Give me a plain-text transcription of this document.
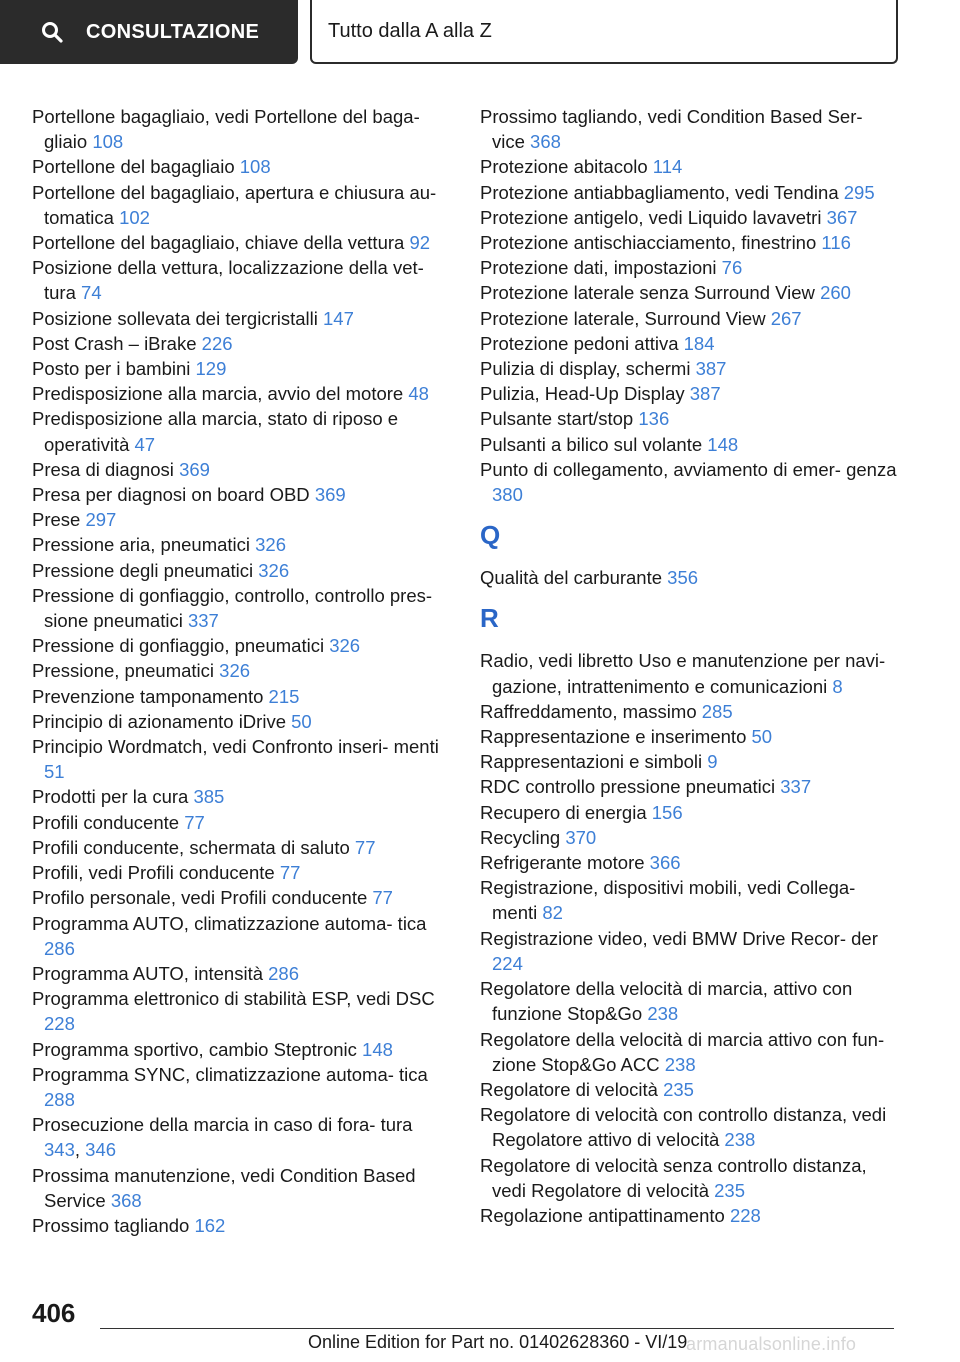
CONSULTAZIONE	Tutto dalla A alla Z

Portellone bagagliaio, vedi Portellone del baga- gliaio 108

Portellone del bagagliaio 108

Portellone del bagagliaio, apertura e chiusura au- tomatica 102

Portellone del bagagliaio, chiave della vettura 92

Posizione della vettura, localizzazione della vet- tura 74

Posizione sollevata dei tergicristalli 147

Post Crash – iBrake 226

Posto per i bambini 129

Predisposizione alla marcia, avvio del motore 48

Predisposizione alla marcia, stato di riposo e operatività 47

Presa di diagnosi 369

Presa per diagnosi on board OBD 369

Prese 297

Pressione aria, pneumatici 326

Pressione degli pneumatici 326

Pressione di gonfiaggio, controllo, controllo pres- sione pneumatici 337

Pressione di gonfiaggio, pneumatici 326

Pressione, pneumatici 326

Prevenzione tamponamento 215

Principio di azionamento iDrive 50

Principio Wordmatch, vedi Confronto inseri- menti 51

Prodotti per la cura 385

Profili conducente 77

Profili conducente, schermata di saluto 77

Profili, vedi Profili conducente 77

Profilo personale, vedi Profili conducente 77

Programma AUTO, climatizzazione automa- tica 286

Programma AUTO, intensità 286

Programma elettronico di stabilità ESP, vedi DSC 228

Programma sportivo, cambio Steptronic 148

Programma SYNC, climatizzazione automa- tica 288

Prosecuzione della marcia in caso di fora- tura 343, 346

Prossima manutenzione, vedi Condition Based Service 368

Prossimo tagliando 162

Prossimo tagliando, vedi Condition Based Ser- vice 368

Protezione abitacolo 114

Protezione antiabbagliamento, vedi Tendina 295

Protezione antigelo, vedi Liquido lavavetri 367

Protezione antischiacciamento, finestrino 116

Protezione dati, impostazioni 76

Protezione laterale senza Surround View 260

Protezione laterale, Surround View 267

Protezione pedoni attiva 184

Pulizia di display, schermi 387

Pulizia, Head-Up Display 387

Pulsante start/stop 136

Pulsanti a bilico sul volante 148

Punto di collegamento, avviamento di emer- genza 380

Q

Qualità del carburante 356

R

Radio, vedi libretto Uso e manutenzione per navi- gazione, intrattenimento e comunicazioni 8

Raffreddamento, massimo 285

Rappresentazione e inserimento 50

Rappresentazioni e simboli 9

RDC controllo pressione pneumatici 337

Recupero di energia 156

Recycling 370

Refrigerante motore 366

Registrazione, dispositivi mobili, vedi Collega- menti 82

Registrazione video, vedi BMW Drive Recor- der 224

Regolatore della velocità di marcia, attivo con funzione Stop&Go 238

Regolatore della velocità di marcia attivo con fun- zione Stop&Go ACC 238

Regolatore di velocità 235

Regolatore di velocità con controllo distanza, vedi Regolatore attivo di velocità 238

Regolatore di velocità senza controllo distanza, vedi Regolatore di velocità 235

Regolazione antipattinamento 228

406
Online Edition for Part no. 01402628360 - VI/19
armanualsonline.info
